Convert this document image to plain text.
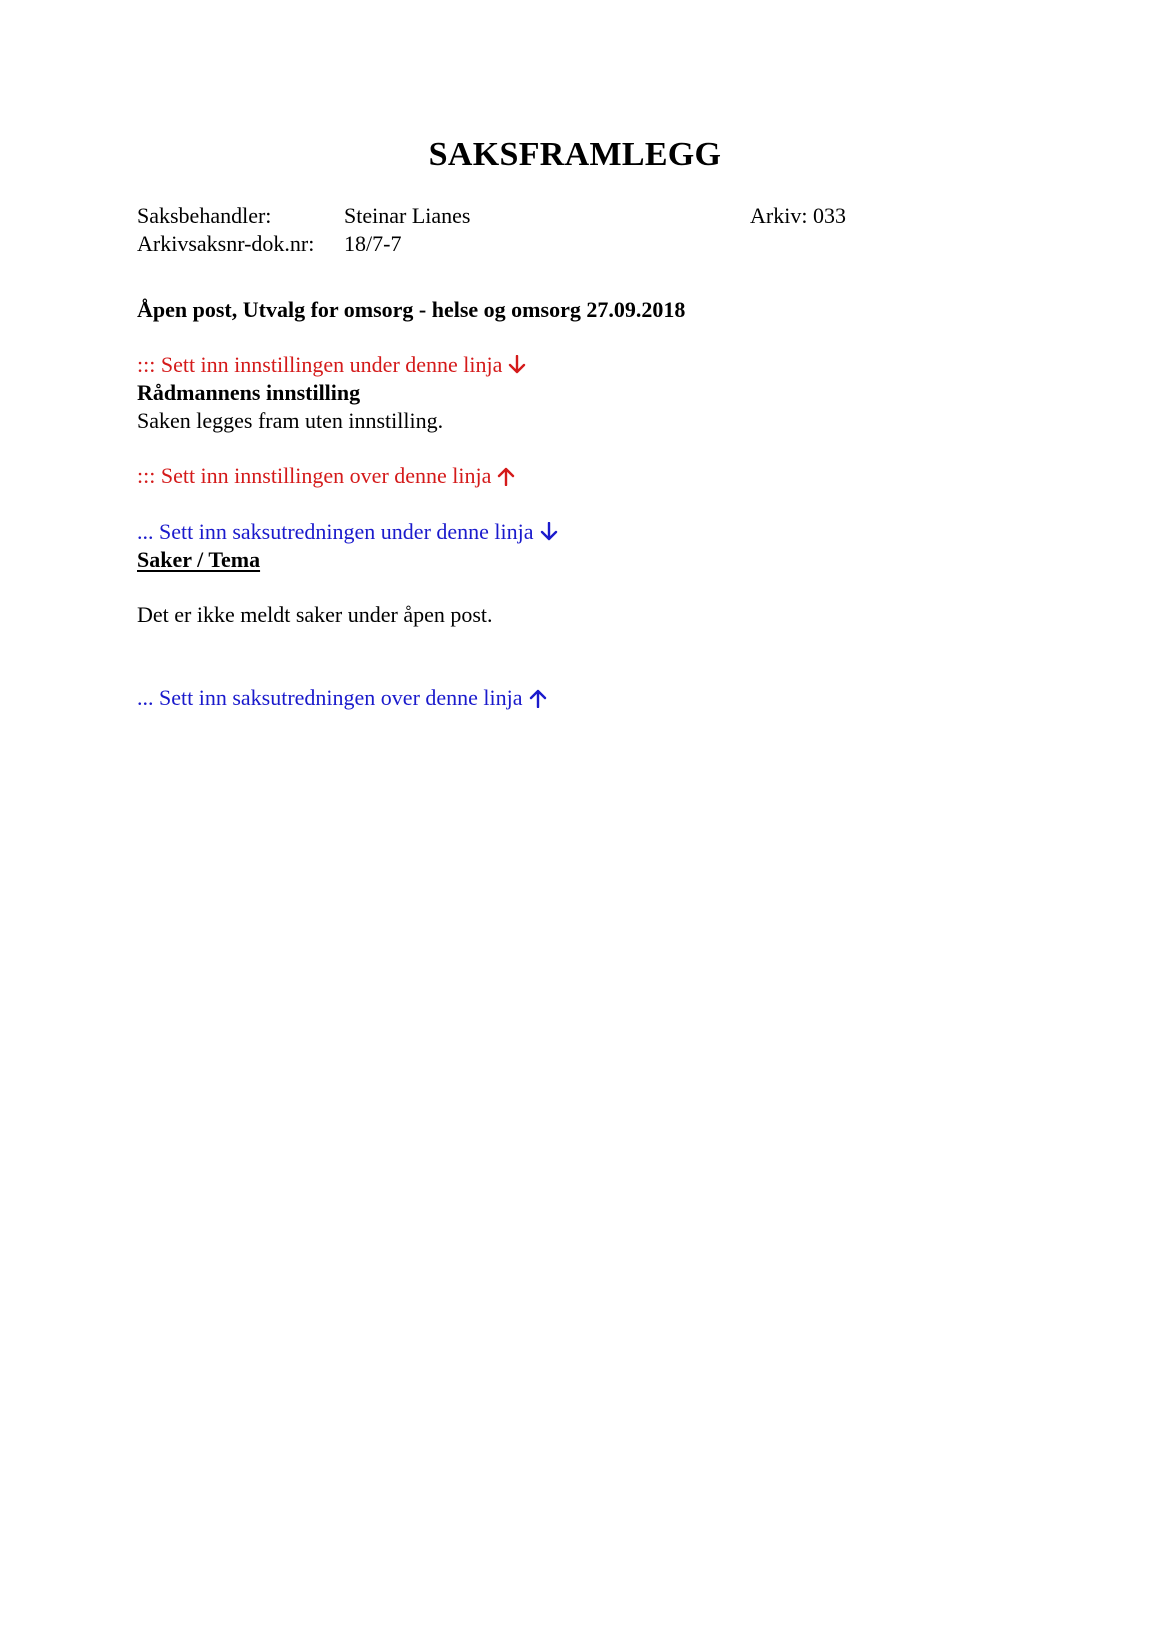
SAKSFRAMLEGG
Saksbehandler:	Steinar Lianes	Arkiv: 033
Arkivsaksnr-dok.nr: 18/7-7
Åpen post, Utvalg for omsorg - helse og omsorg 27.09.2018
::: Sett inn innstillingen under denne linja
Rådmannens innstilling
Saken legges fram uten innstilling.
::: Sett inn innstillingen over denne linja
... Sett inn saksutredningen under denne linja
Saker / Tema
Det er ikke meldt saker under åpen post.
... Sett inn saksutredningen over denne linja
